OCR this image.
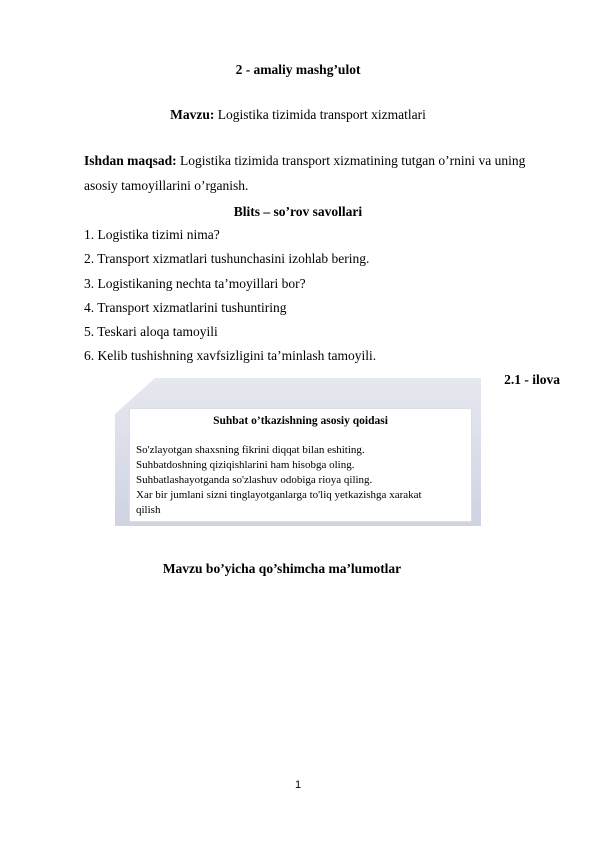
2 - amaliy mashg’ulot
Mavzu: Logistika tizimida transport xizmatlari
Ishdan maqsad: Logistika tizimida transport xizmatining tutgan o’rnini va uning
asosiy tamoyillarini o’rganish.
Blits – so’rov savollari
1. Logistika tizimi nima?
2. Transport xizmatlari tushunchasini izohlab bering.
3. Logistikaning nechta ta’moyillari bor?
4. Transport xizmatlarini tushuntiring
5. Teskari aloqa tamoyili
6. Kelib tushishning xavfsizligini ta’minlash tamoyili.
2.1 - ilova
Suhbat o’tkazishning asosiy qoidasi
So'zlayotgan shaxsning fikrini diqqat bilan eshiting.
Suhbatdoshning qiziqishlarini ham hisobga oling.
Suhbatlashayotganda so'zlashuv odobiga rioya qiling.
Xar bir jumlani sizni tinglayotganlarga to'liq yetkazishga xarakat
qilish
Mavzu bo’yicha qo’shimcha ma’lumotlar
1
